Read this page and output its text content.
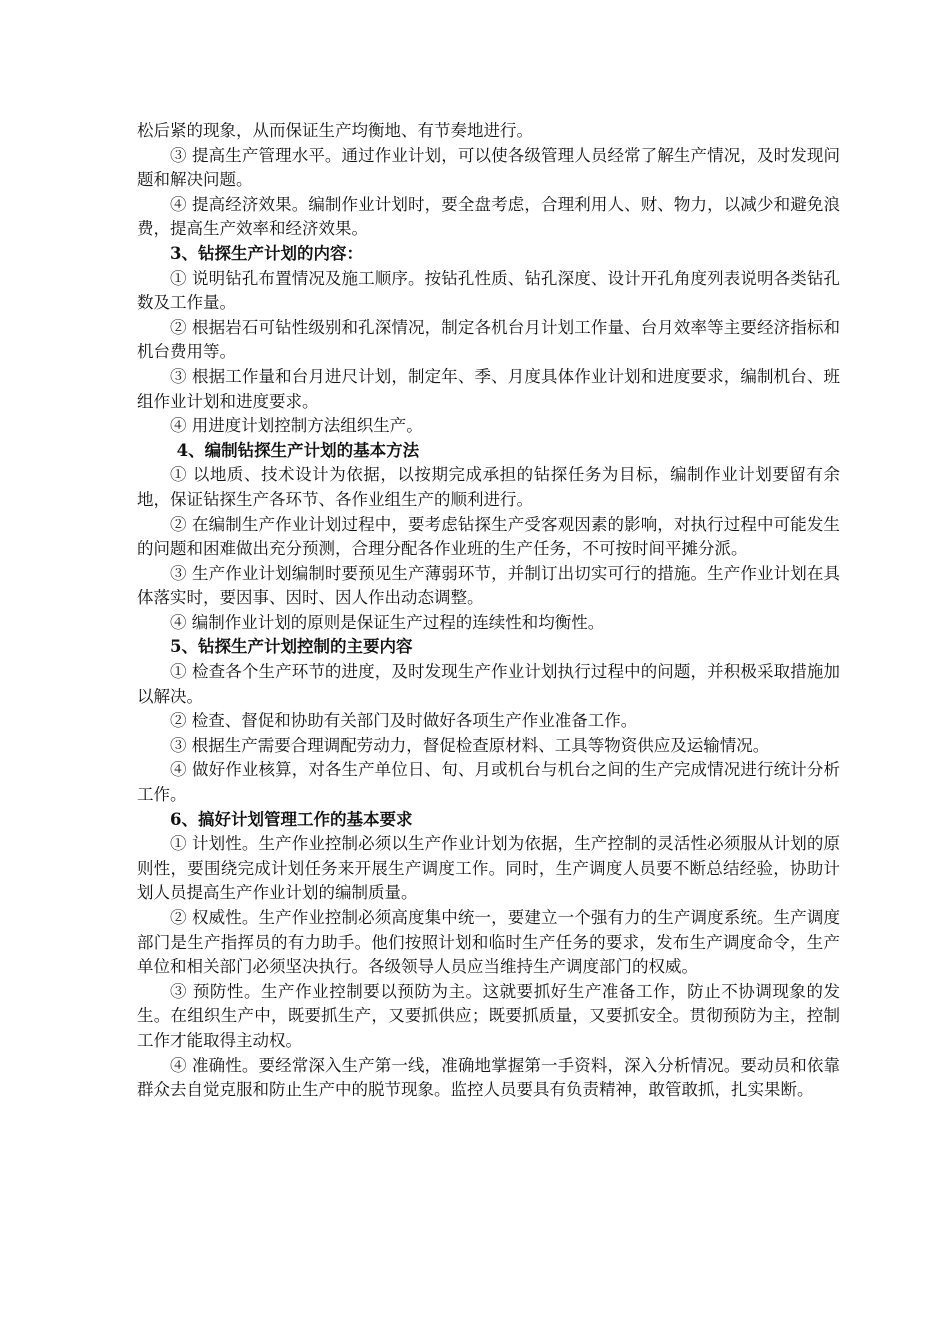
松后紧的现象，从而保证生产均衡地、有节奏地进行。

③ 提高生产管理水平。通过作业计划，可以使各级管理人员经常了解生产情况，及时发现问题和解决问题。

④ 提高经济效果。编制作业计划时，要全盘考虑，合理利用人、财、物力，以减少和避免浪费，提高生产效率和经济效果。

3、钻探生产计划的内容：

① 说明钻孔布置情况及施工顺序。按钻孔性质、钻孔深度、设计开孔角度列表说明各类钻孔数及工作量。

② 根据岩石可钻性级别和孔深情况，制定各机台月计划工作量、台月效率等主要经济指标和机台费用等。

③ 根据工作量和台月进尺计划，制定年、季、月度具体作业计划和进度要求，编制机台、班组作业计划和进度要求。

④ 用进度计划控制方法组织生产。

4、编制钻探生产计划的基本方法

① 以地质、技术设计为依据，以按期完成承担的钻探任务为目标，编制作业计划要留有余地，保证钻探生产各环节、各作业组生产的顺利进行。

② 在编制生产作业计划过程中，要考虑钻探生产受客观因素的影响，对执行过程中可能发生的问题和困难做出充分预测，合理分配各作业班的生产任务，不可按时间平摊分派。

③ 生产作业计划编制时要预见生产薄弱环节，并制订出切实可行的措施。生产作业计划在具体落实时，要因事、因时、因人作出动态调整。

④ 编制作业计划的原则是保证生产过程的连续性和均衡性。

5、钻探生产计划控制的主要内容

① 检查各个生产环节的进度，及时发现生产作业计划执行过程中的问题，并积极采取措施加以解决。

② 检查、督促和协助有关部门及时做好各项生产作业准备工作。

③ 根据生产需要合理调配劳动力，督促检查原材料、工具等物资供应及运输情况。

④ 做好作业核算，对各生产单位日、旬、月或机台与机台之间的生产完成情况进行统计分析工作。

6、搞好计划管理工作的基本要求

① 计划性。生产作业控制必须以生产作业计划为依据，生产控制的灵活性必须服从计划的原则性，要围绕完成计划任务来开展生产调度工作。同时，生产调度人员要不断总结经验，协助计划人员提高生产作业计划的编制质量。

② 权威性。生产作业控制必须高度集中统一，要建立一个强有力的生产调度系统。生产调度部门是生产指挥员的有力助手。他们按照计划和临时生产任务的要求，发布生产调度命令，生产单位和相关部门必须坚决执行。各级领导人员应当维持生产调度部门的权威。

③ 预防性。生产作业控制要以预防为主。这就要抓好生产准备工作，防止不协调现象的发生。在组织生产中，既要抓生产，又要抓供应；既要抓质量，又要抓安全。贯彻预防为主，控制工作才能取得主动权。

④ 准确性。要经常深入生产第一线，准确地掌握第一手资料，深入分析情况。要动员和依靠群众去自觉克服和防止生产中的脱节现象。监控人员要具有负责精神，敢管敢抓，扎实果断。
